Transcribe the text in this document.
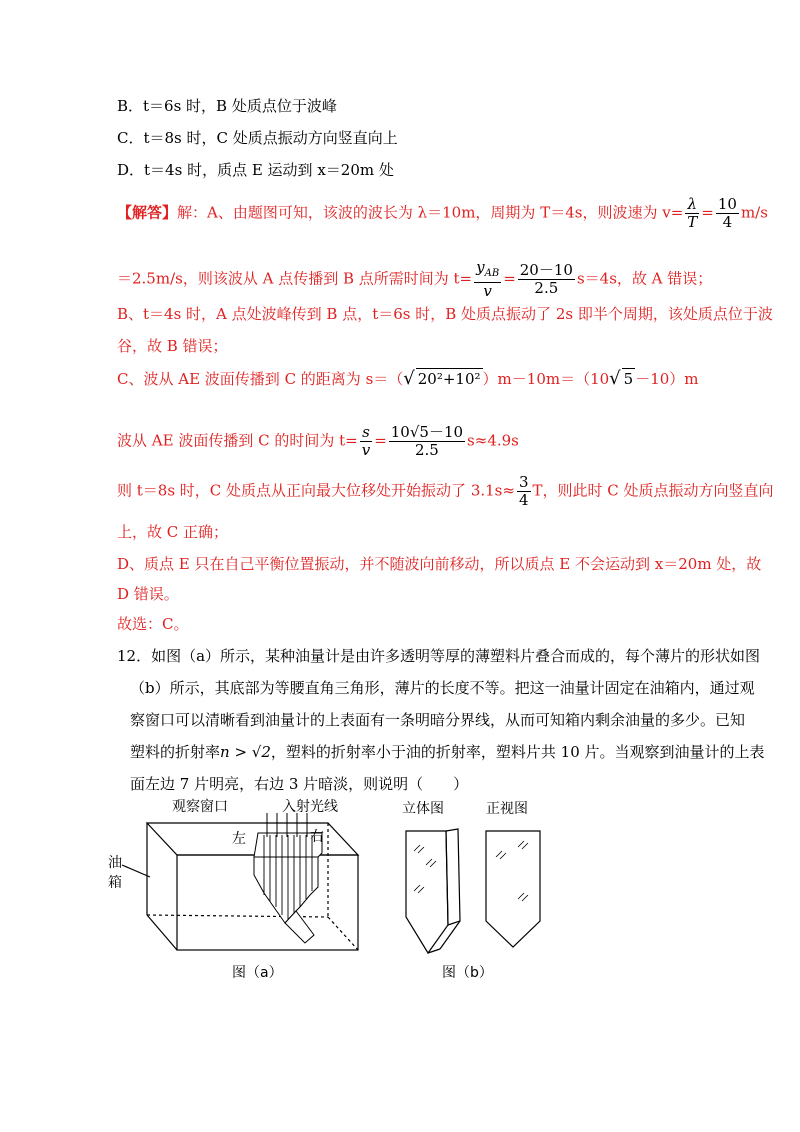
B．t＝6s 时，B 处质点位于波峰
C．t＝8s 时，C 处质点振动方向竖直向上
D．t＝4s 时，质点 E 运动到 x＝20m 处
【解答】解：A、由题图可知，该波的波长为 λ＝10m，周期为 T＝4s，则波速为 $v= \frac{\lambda}{T} = \frac{10}{4} m/s$
＝2.5m/s，则该波从 A 点传播到 B 点所需时间为 $t= \frac{y_{AB}}{v} = \frac{20-10}{2.5} s=4s$，故 A 错误；
B、t＝4s 时，A 点处波峰传到 B 点，t＝6s 时，B 处质点振动了 2s 即半个周期，该处质点位于波
谷，故 B 错误；
C、波从 AE 波面传播到 C 的距离为 s＝（√ 20²+10² ）m－10m＝（10√ 5 －10）m
波从 AE 波面传播到 C 的时间为 $t= \frac{s}{v} = \frac{10√5-10}{2.5} s\approx 4.9s$
则 t＝8s 时，C 处质点从正向最大位移处开始振动了 $3.1s\approx \frac{3}{4}$ T，则此时 C 处质点振动方向竖直向
上，故 C 正确；
D、质点 E 只在自己平衡位置振动，并不随波向前移动，所以质点 E 不会运动到 x＝20m 处，故
D 错误。
故选：C。
12．如图（a）所示，某种油量计是由许多透明等厚的薄塑料片叠合而成的，每个薄片的形状如图
（b）所示，其底部为等腰直角三角形，薄片的长度不等。把这一油量计固定在油箱内，通过观
察窗口可以清晰看到油量计的上表面有一条明暗分界线，从而可知箱内剩余油量的多少。已知
塑料的折射率n > √2，塑料的折射率小于油的折射率，塑料片共 10 片。当观察到油量计的上表
面左边 7 片明亮，右边 3 片暗淡，则说明（　　）
观察窗口	入射光线
左	右
油
箱
图（a）
立体图	正视图
图（b）
